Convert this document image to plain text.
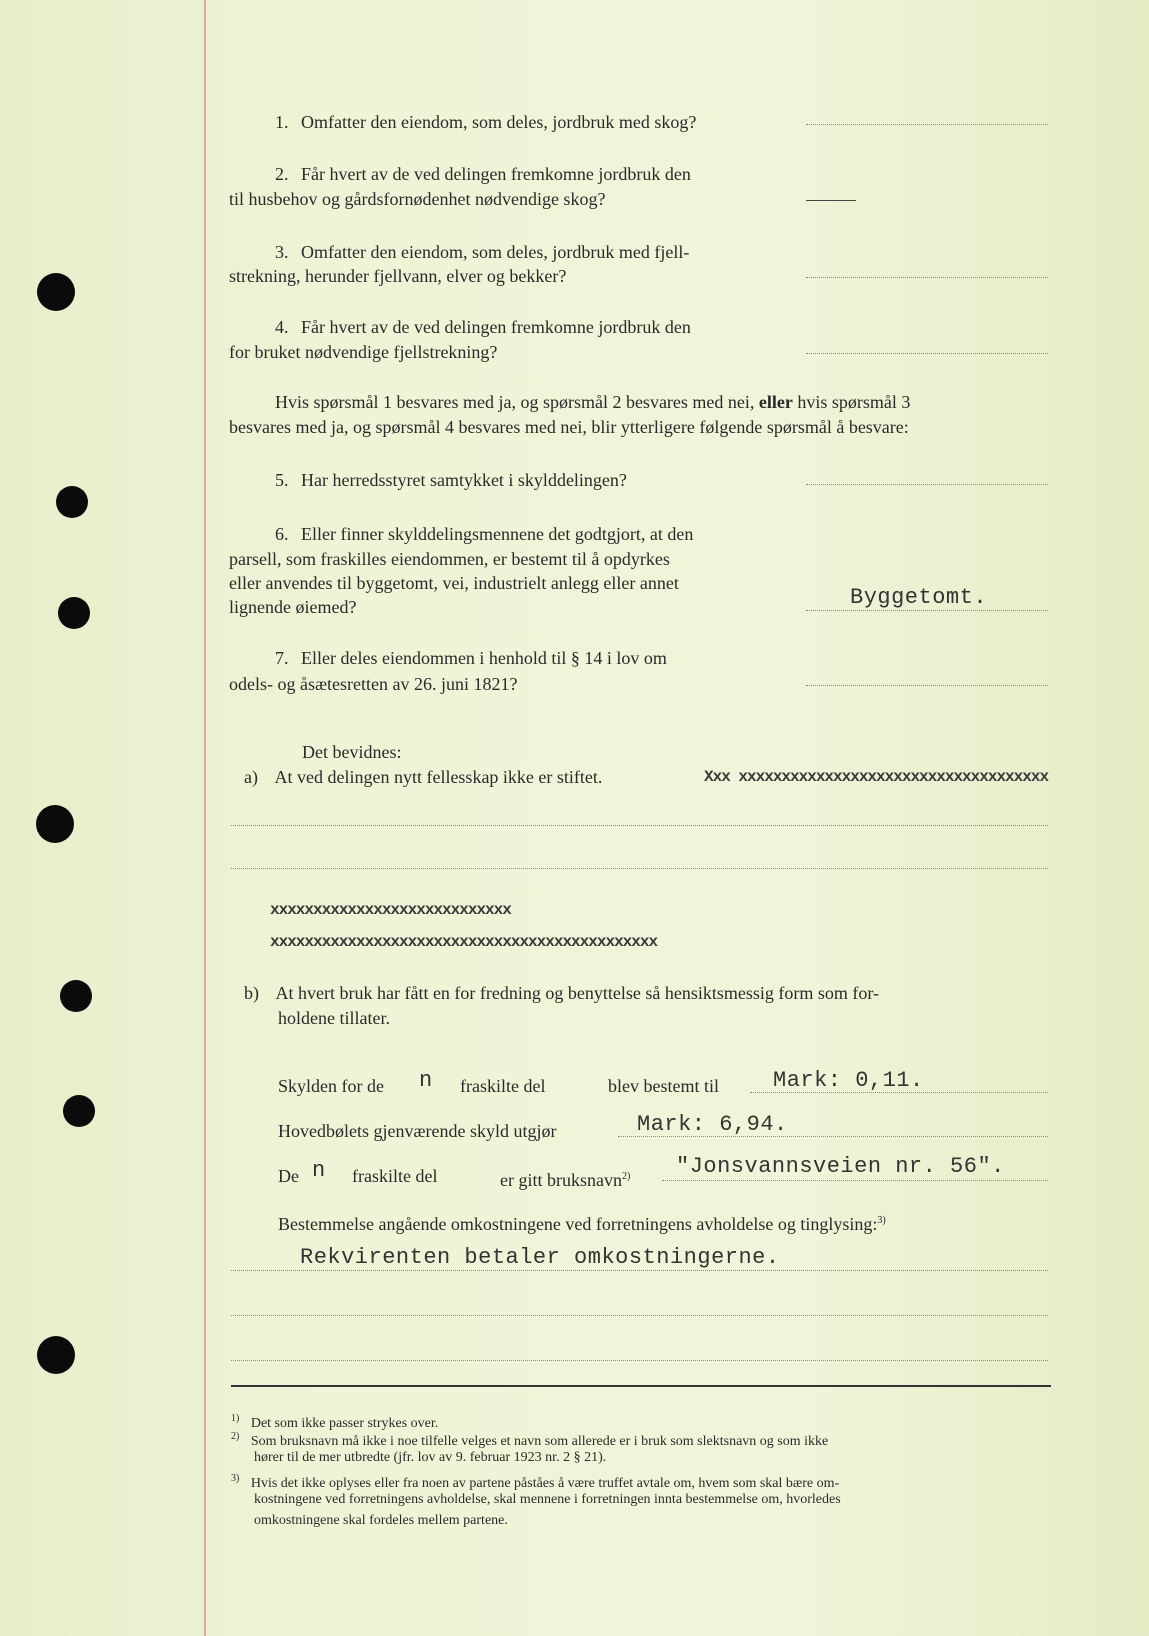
1. Omfatter den eiendom, som deles, jordbruk med skog?
2. Får hvert av de ved delingen fremkomne jordbruk den
til husbehov og gårdsfornødenhet nødvendige skog?
3. Omfatter den eiendom, som deles, jordbruk med fjell-
strekning, herunder fjellvann, elver og bekker?
4. Får hvert av de ved delingen fremkomne jordbruk den
for bruket nødvendige fjellstrekning?
Hvis spørsmål 1 besvares med ja, og spørsmål 2 besvares med nei, eller hvis spørsmål 3
besvares med ja, og spørsmål 4 besvares med nei, blir ytterligere følgende spørsmål å besvare:
5. Har herredsstyret samtykket i skylddelingen?
6. Eller finner skylddelingsmennene det godtgjort, at den
parsell, som fraskilles eiendommen, er bestemt til å opdyrkes
eller anvendes til byggetomt, vei, industrielt anlegg eller annet
lignende øiemed?	Byggetomt.
7. Eller deles eiendommen i henhold til § 14 i lov om
odels- og åsætesretten av 26. juni 1821?
Det bevidnes:
a) At ved delingen nytt fellesskap ikke er stiftet.	Xxx xxxxxxxxxxxxxxxxxxxxxxxxxxxxxxxxxxxx
xxxxxxxxxxxxxxxxxxxxxxxxxxxx
xxxxxxxxxxxxxxxxxxxxxxxxxxxxxxxxxxxxxxxxxxxxx
b) At hvert bruk har fått en for fredning og benyttelse så hensiktsmessig form som for-
holdene tillater.
Skylden for de n fraskilte del	blev bestemt til Mark: 0,11.
Hovedbølets gjenværende skyld utgjør	Mark: 6,94.
De n fraskilte del	er gitt bruksnavn$^{2)}$ "Jonsvannsveien nr. 56".
Bestemmelse angående omkostningene ved forretningens avholdelse og tinglysing:$^{3)}$
Rekvirenten betaler omkostningerne.
$^{1)}$ Det som ikke passer strykes over.
$^{2)}$ Som bruksnavn må ikke i noe tilfelle velges et navn som allerede er i bruk som slektsnavn og som ikke
hører til de mer utbredte (jfr. lov av 9. februar 1923 nr. 2 § 21).
$^{3)}$ Hvis det ikke oplyses eller fra noen av partene påståes å være truffet avtale om, hvem som skal bære om-
kostningene ved forretningens avholdelse, skal mennene i forretningen innta bestemmelse om, hvorledes
omkostningene skal fordeles mellem partene.
